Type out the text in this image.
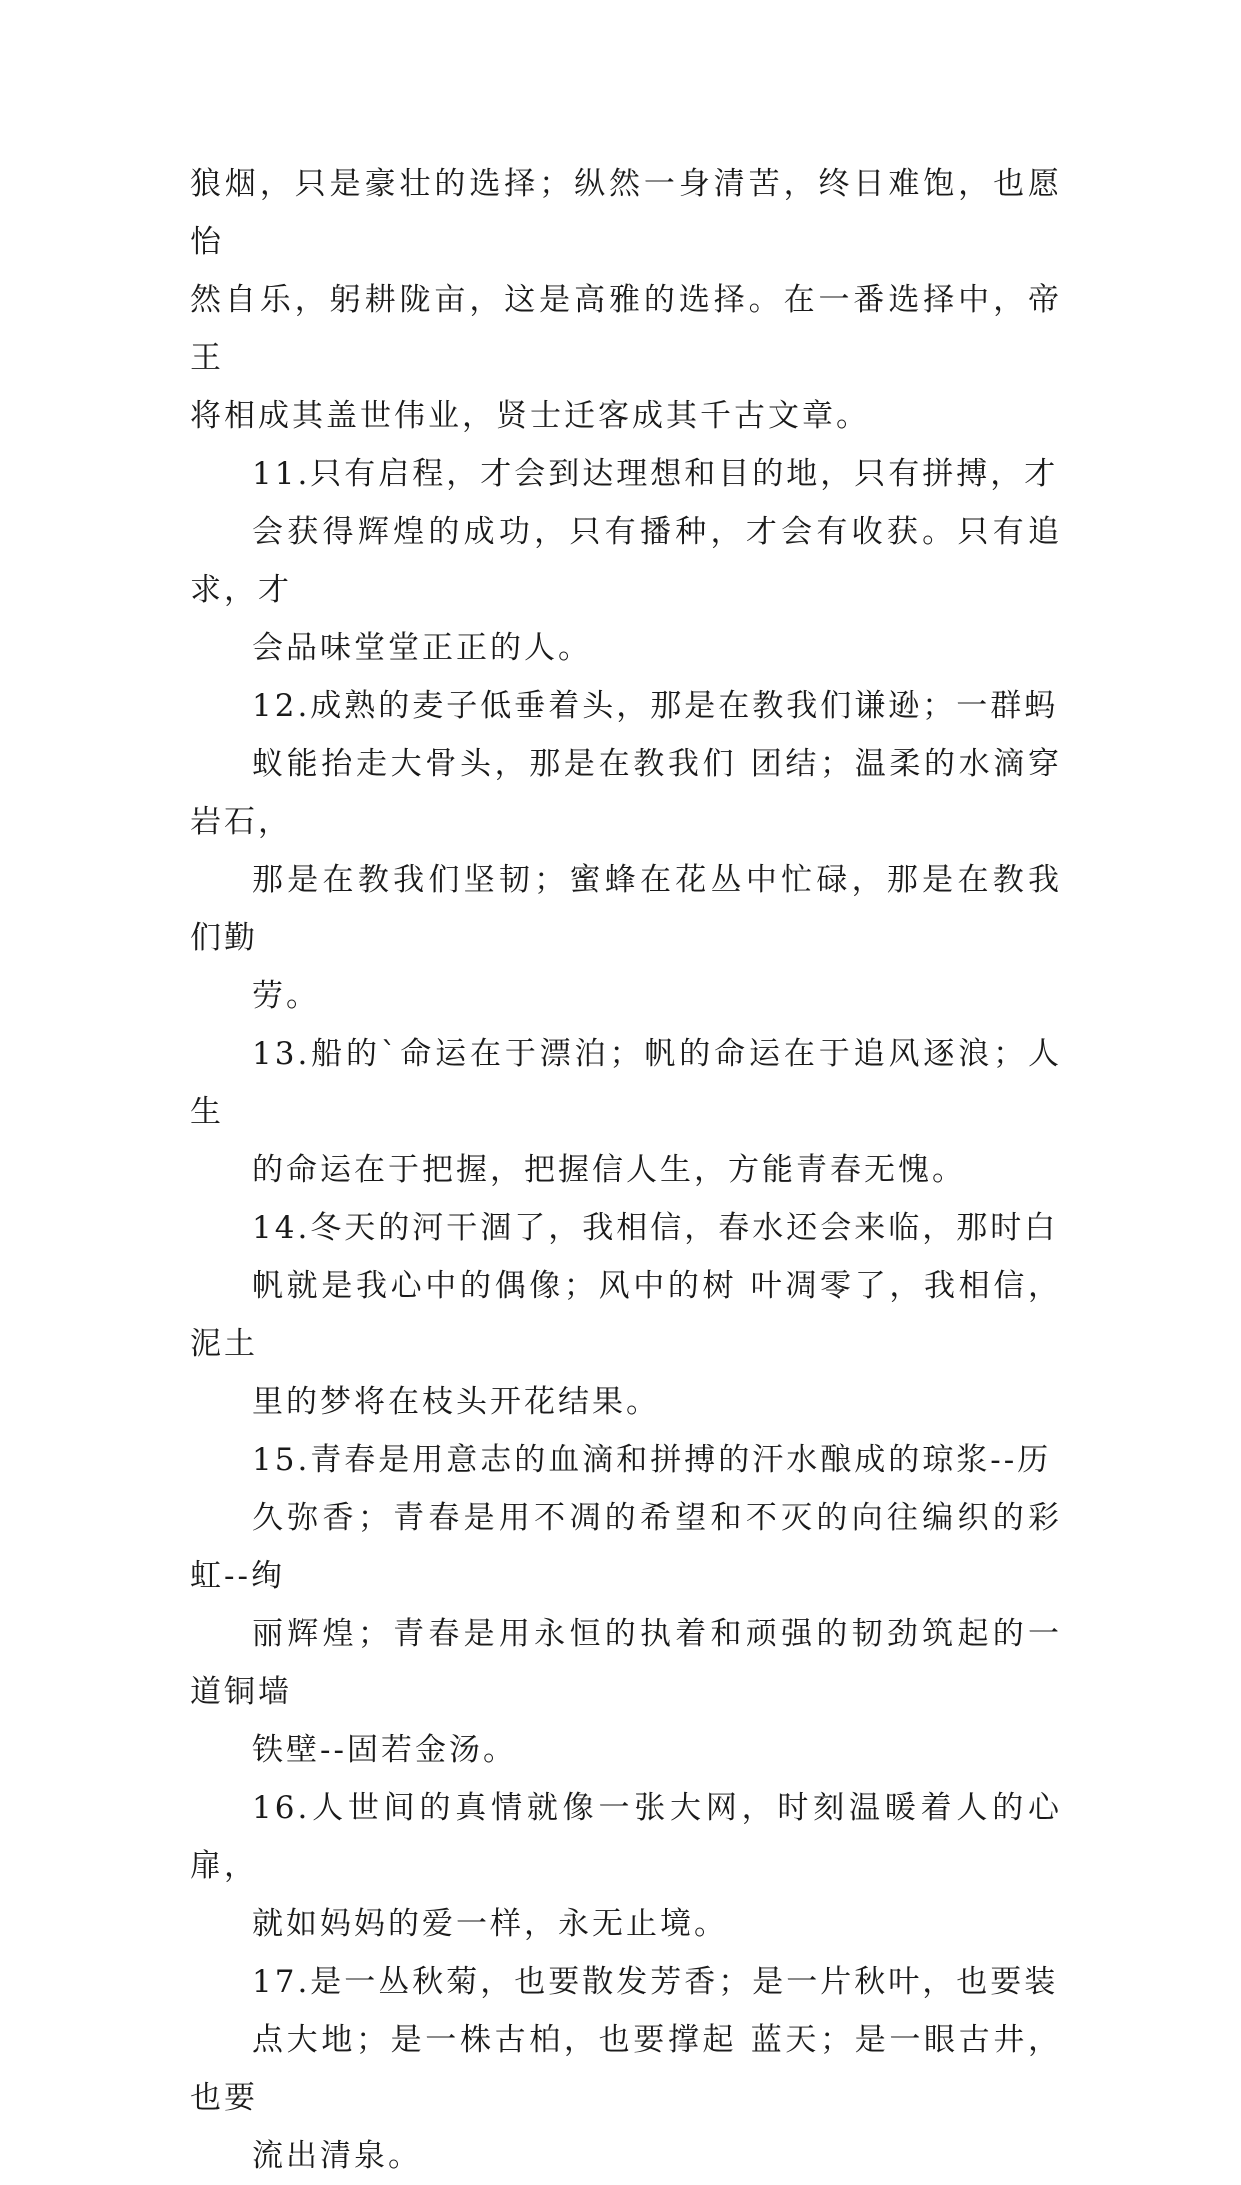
狼烟，只是豪壮的选择；纵然一身清苦，终日难饱，也愿怡
然自乐，躬耕陇亩，这是高雅的选择。在一番选择中，帝王
将相成其盖世伟业，贤士迁客成其千古文章。

11.只有启程，才会到达理想和目的地，只有拼搏，才
会获得辉煌的成功，只有播种，才会有收获。只有追求，才
会品味堂堂正正的人。

12.成熟的麦子低垂着头，那是在教我们谦逊；一群蚂
蚁能抬走大骨头，那是在教我们 团结；温柔的水滴穿岩石，
那是在教我们坚韧；蜜蜂在花丛中忙碌，那是在教我们勤
劳。

13.船的`命运在于漂泊；帆的命运在于追风逐浪；人生
的命运在于把握，把握信人生，方能青春无愧。

14.冬天的河干涸了，我相信，春水还会来临，那时白
帆就是我心中的偶像；风中的树 叶凋零了，我相信，泥土
里的梦将在枝头开花结果。

15.青春是用意志的血滴和拼搏的汗水酿成的琼浆--历
久弥香；青春是用不凋的希望和不灭的向往编织的彩虹--绚
丽辉煌；青春是用永恒的执着和顽强的韧劲筑起的一道铜墙
铁壁--固若金汤。

16.人世间的真情就像一张大网，时刻温暖着人的心扉，
就如妈妈的爱一样，永无止境。

17.是一丛秋菊，也要散发芳香；是一片秋叶，也要装
点大地；是一株古柏，也要撑起 蓝天；是一眼古井，也要
流出清泉。
